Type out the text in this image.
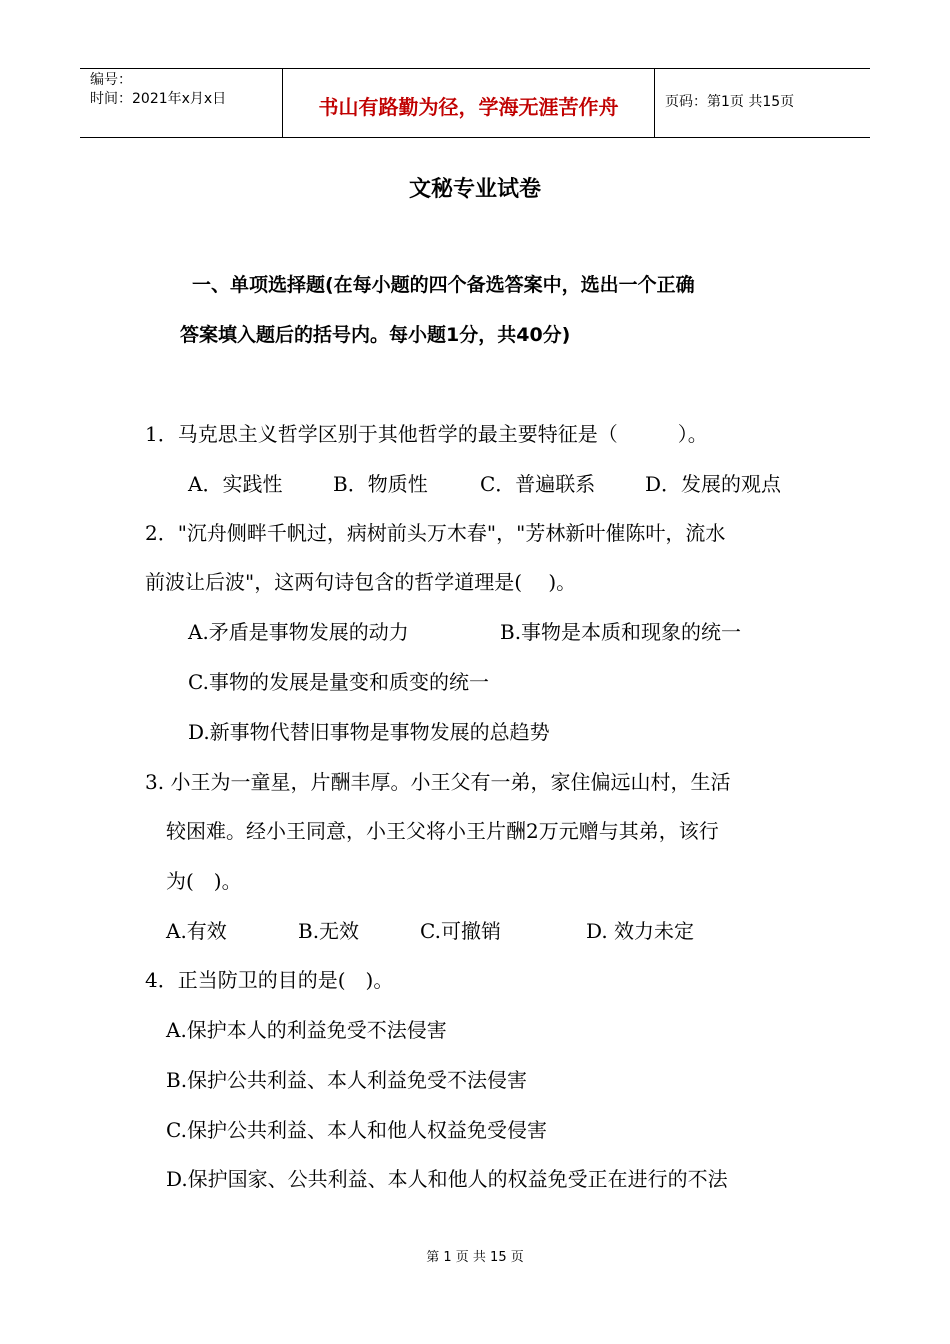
编号：
时间：2021年x月x日	书山有路勤为径，学海无涯苦作舟	页码：第1页 共15页
文秘专业试卷
一、单项选择题(在每小题的四个备选答案中，选出一个正确
答案填入题后的括号内。每小题1分，共40分)
1．马克思主义哲学区别于其他哲学的最主要特征是（　　　）。
A．实践性	B．物质性	C．普遍联系 D．发展的观点
2．"沉舟侧畔千帆过，病树前头万木春"，"芳林新叶催陈叶，流水
前波让后波"，这两句诗包含的哲学道理是(　 )。
A.矛盾是事物发展的动力	B.事物是本质和现象的统一
C.事物的发展是量变和质变的统一
D.新事物代替旧事物是事物发展的总趋势
3. 小王为一童星，片酬丰厚。小王父有一弟，家住偏远山村，生活
较困难。经小王同意，小王父将小王片酬2万元赠与其弟，该行
为(　)。
A.有效	B.无效	C.可撤销	D. 效力未定
4．正当防卫的目的是(　)。
A.保护本人的利益免受不法侵害
B.保护公共利益、本人利益免受不法侵害
C.保护公共利益、本人和他人权益免受侵害
D.保护国家、公共利益、本人和他人的权益免受正在进行的不法
第 1 页 共 15 页
